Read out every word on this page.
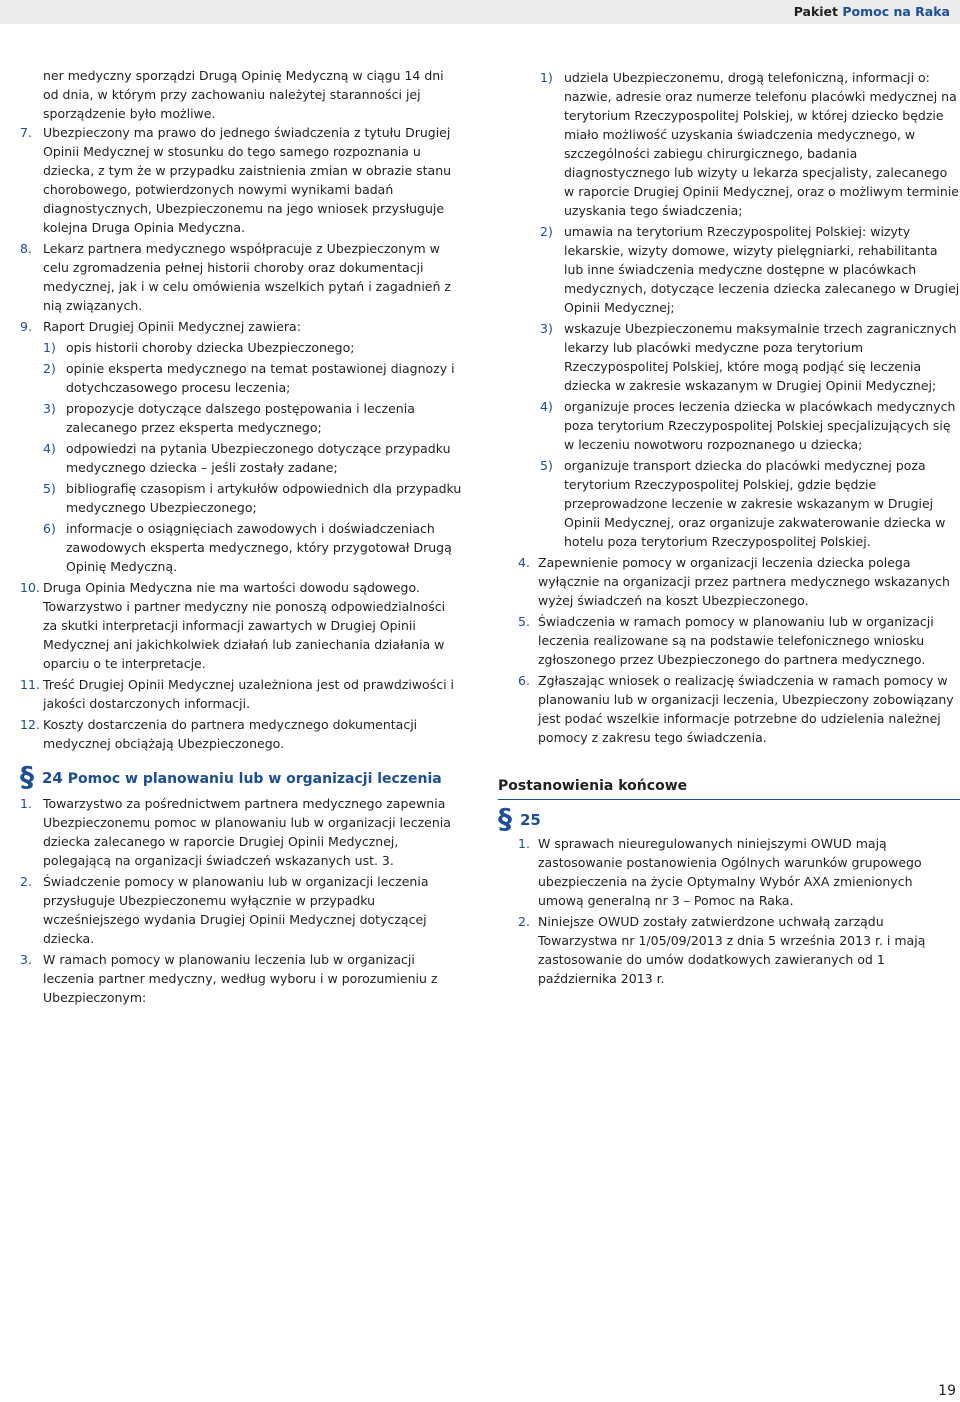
Pakiet Pomoc na Raka

ner medyczny sporządzi Drugą Opinię Medyczną w ciągu 14 dni od dnia, w którym przy zachowaniu należytej staranności jej sporządzenie było możliwe.

7. Ubezpieczony ma prawo do jednego świadczenia z tytułu Drugiej Opinii Medycznej w stosunku do tego samego rozpoznania u dziecka, z tym że w przypadku zaistnienia zmian w obrazie stanu chorobowego, potwierdzonych nowymi wynikami badań diagnostycznych, Ubezpieczonemu na jego wniosek przysługuje kolejna Druga Opinia Medyczna.

8. Lekarz partnera medycznego współpracuje z Ubezpieczonym w celu zgromadzenia pełnej historii choroby oraz dokumentacji medycznej, jak i w celu omówienia wszelkich pytań i zagadnień z nią związanych.

9. Raport Drugiej Opinii Medycznej zawiera:

1) opis historii choroby dziecka Ubezpieczonego;

2) opinie eksperta medycznego na temat postawionej diagnozy i dotychczasowego procesu leczenia;

3) propozycje dotyczące dalszego postępowania i leczenia zalecanego przez eksperta medycznego;

4) odpowiedzi na pytania Ubezpieczonego dotyczące przypadku medycznego dziecka – jeśli zostały zadane;

5) bibliografię czasopism i artykułów odpowiednich dla przypadku medycznego Ubezpieczonego;

6) informacje o osiągnięciach zawodowych i doświadczeniach zawodowych eksperta medycznego, który przygotował Drugą Opinię Medyczną.

10. Druga Opinia Medyczna nie ma wartości dowodu sądowego. Towarzystwo i partner medyczny nie ponoszą odpowiedzialności za skutki interpretacji informacji zawartych w Drugiej Opinii Medycznej ani jakichkolwiek działań lub zaniechania działania w oparciu o te interpretacje.

11. Treść Drugiej Opinii Medycznej uzależniona jest od prawdziwości i jakości dostarczonych informacji.

12. Koszty dostarczenia do partnera medycznego dokumentacji medycznej obciążają Ubezpieczonego.

§ 24 Pomoc w planowaniu lub w organizacji leczenia

1. Towarzystwo za pośrednictwem partnera medycznego zapewnia Ubezpieczonemu pomoc w planowaniu lub w organizacji leczenia dziecka zalecanego w raporcie Drugiej Opinii Medycznej, polegającą na organizacji świadczeń wskazanych ust. 3.

2. Świadczenie pomocy w planowaniu lub w organizacji leczenia przysługuje Ubezpieczonemu wyłącznie w przypadku wcześniejszego wydania Drugiej Opinii Medycznej dotyczącej dziecka.

3. W ramach pomocy w planowaniu leczenia lub w organizacji leczenia partner medyczny, według wyboru i w porozumieniu z Ubezpieczonym:

1) udziela Ubezpieczonemu, drogą telefoniczną, informacji o: nazwie, adresie oraz numerze telefonu placówki medycznej na terytorium Rzeczypospolitej Polskiej, w której dziecko będzie miało możliwość uzyskania świadczenia medycznego, w szczególności zabiegu chirurgicznego, badania diagnostycznego lub wizyty u lekarza specjalisty, zalecanego w raporcie Drugiej Opinii Medycznej, oraz o możliwym terminie uzyskania tego świadczenia;

2) umawia na terytorium Rzeczypospolitej Polskiej: wizyty lekarskie, wizyty domowe, wizyty pielęgniarki, rehabilitanta lub inne świadczenia medyczne dostępne w placówkach medycznych, dotyczące leczenia dziecka zalecanego w Drugiej Opinii Medycznej;

3) wskazuje Ubezpieczonemu maksymalnie trzech zagranicznych lekarzy lub placówki medyczne poza terytorium Rzeczypospolitej Polskiej, które mogą podjąć się leczenia dziecka w zakresie wskazanym w Drugiej Opinii Medycznej;

4) organizuje proces leczenia dziecka w placówkach medycznych poza terytorium Rzeczypospolitej Polskiej specjalizujących się w leczeniu nowotworu rozpoznanego u dziecka;

5) organizuje transport dziecka do placówki medycznej poza terytorium Rzeczypospolitej Polskiej, gdzie będzie przeprowadzone leczenie w zakresie wskazanym w Drugiej Opinii Medycznej, oraz organizuje zakwaterowanie dziecka w hotelu poza terytorium Rzeczypospolitej Polskiej.

4. Zapewnienie pomocy w organizacji leczenia dziecka polega wyłącznie na organizacji przez partnera medycznego wskazanych wyżej świadczeń na koszt Ubezpieczonego.

5. Świadczenia w ramach pomocy w planowaniu lub w organizacji leczenia realizowane są na podstawie telefonicznego wniosku zgłoszonego przez Ubezpieczonego do partnera medycznego.

6. Zgłaszając wniosek o realizację świadczenia w ramach pomocy w planowaniu lub w organizacji leczenia, Ubezpieczony zobowiązany jest podać wszelkie informacje potrzebne do udzielenia należnej pomocy z zakresu tego świadczenia.

Postanowienia końcowe
§ 25

1. W sprawach nieuregulowanych niniejszymi OWUD mają zastosowanie postanowienia Ogólnych warunków grupowego ubezpieczenia na życie Optymalny Wybór AXA zmienionych umową generalną nr 3 – Pomoc na Raka.

2. Niniejsze OWUD zostały zatwierdzone uchwałą zarządu Towarzystwa nr 1/05/09/2013 z dnia 5 września 2013 r. i mają zastosowanie do umów dodatkowych zawieranych od 1 października 2013 r.

19
